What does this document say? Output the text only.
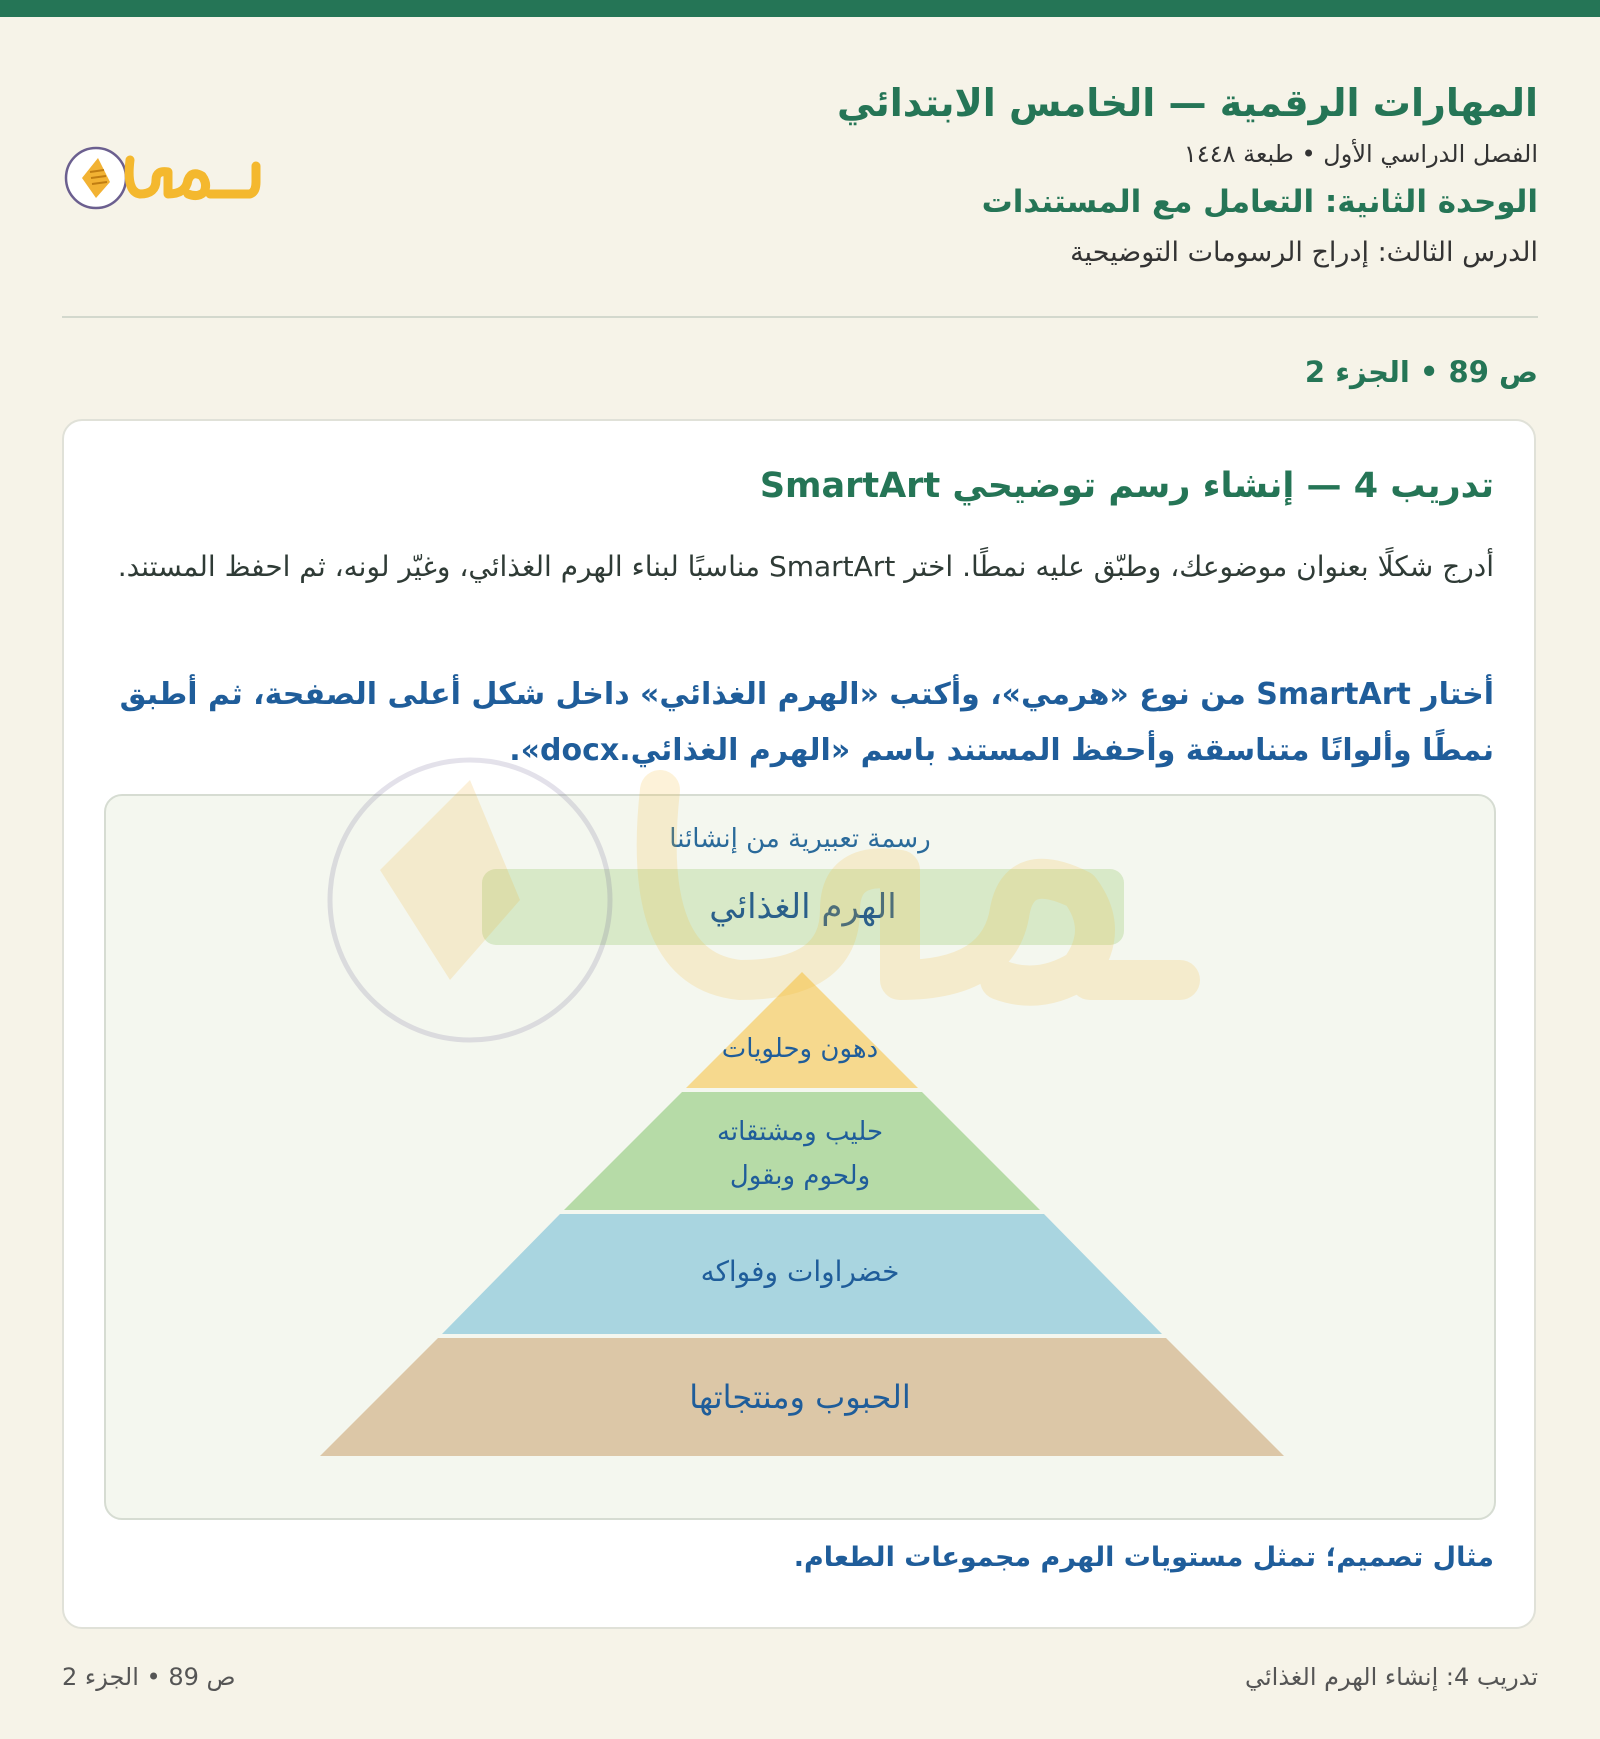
المهارات الرقمية — الخامس الابتدائي
الفصل الدراسي الأول • طبعة ١٤٤٨
الوحدة الثانية: التعامل مع المستندات
الدرس الثالث: إدراج الرسومات التوضيحية
حلول
ص 89 • الجزء 2
تدريب 4 — إنشاء رسم توضيحي SmartArt
أدرج شكلًا بعنوان موضوعك، وطبّق عليه نمطًا. اختر SmartArt مناسبًا لبناء الهرم الغذائي، وغيّر لونه، ثم احفظ المستند.
أختار SmartArt من نوع «هرمي»، وأكتب «الهرم الغذائي» داخل شكل أعلى الصفحة، ثم أطبق نمطًا وألوانًا متناسقة وأحفظ المستند باسم «الهرم الغذائي.docx».
رسمة تعبيرية من إنشائنا
الهرم الغذائي
دهون وحلويات
حليب ومشتقاته
ولحوم وبقول
خضراوات وفواكه
الحبوب ومنتجاتها
مثال تصميم؛ تمثل مستويات الهرم مجموعات الطعام.
تدريب 4: إنشاء الهرم الغذائي
ص 89 • الجزء 2
